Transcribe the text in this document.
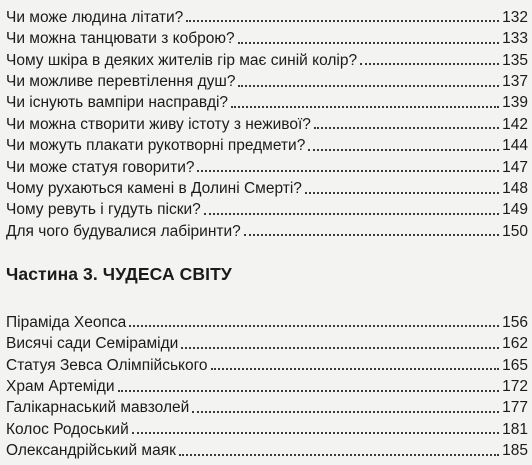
Чи може людина літати?	132
Чи можна танцювати з коброю?	133
Чому шкіра в деяких жителів гір має синій колір?	135
Чи можливе перевтілення душ?	137
Чи існують вампіри насправді?	139
Чи можна створити живу істоту з неживої?	142
Чи можуть плакати рукотворні предмети?	144
Чи може статуя говорити?	147
Чому рухаються камені в Долині Смерті?	148
Чому ревуть і гудуть піски?	149
Для чого будувалися лабіринти?	150
Частина 3. ЧУДЕСА СВІТУ
Піраміда Хеопса	156
Висячі сади Семіраміди	162
Статуя Зевса Олімпійського	165
Храм Артеміди	172
Галікарнаський мавзолей	177
Колос Родоський	181
Олександрійський маяк	185
